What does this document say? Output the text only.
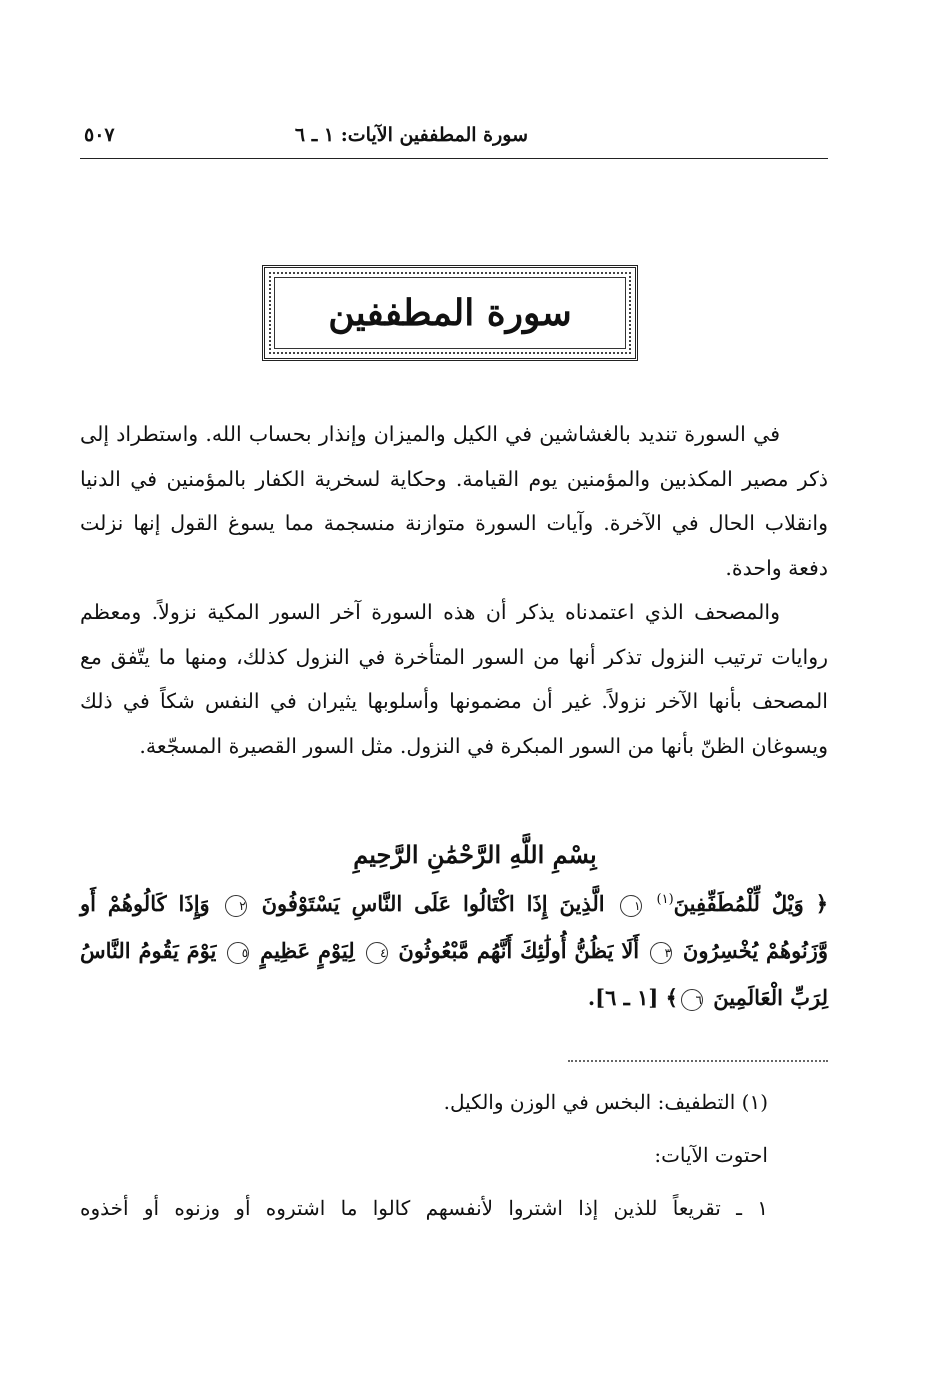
سورة المطففين الآيات: ١ ـ ٦
٥٠٧
سورة المطففين

في السورة تنديد بالغشاشين في الكيل والميزان وإنذار بحساب الله. واستطراد إلى ذكر مصير المكذبين والمؤمنين يوم القيامة. وحكاية لسخرية الكفار بالمؤمنين في الدنيا وانقلاب الحال في الآخرة. وآيات السورة متوازنة منسجمة مما يسوغ القول إنها نزلت دفعة واحدة.

والمصحف الذي اعتمدناه يذكر أن هذه السورة آخر السور المكية نزولاً. ومعظم روايات ترتيب النزول تذكر أنها من السور المتأخرة في النزول كذلك، ومنها ما يتّفق مع المصحف بأنها الآخر نزولاً. غير أن مضمونها وأسلوبها يثيران في النفس شكاً في ذلك ويسوغان الظنّ بأنها من السور المبكرة في النزول. مثل السور القصيرة المسجّعة.

بِسْمِ اللَّهِ الرَّحْمَٰنِ الرَّحِيمِ
﴿ وَيْلٌ لِّلْمُطَفِّفِينَ$^{(١)}$ ١ الَّذِينَ إِذَا اكْتَالُوا عَلَى النَّاسِ يَسْتَوْفُونَ ٢ وَإِذَا كَالُوهُمْ أَو وَّزَنُوهُمْ يُخْسِرُونَ ٣ أَلَا يَظُنُّ أُولَٰئِكَ أَنَّهُم مَّبْعُوثُونَ ٤ لِيَوْمٍ عَظِيمٍ ٥ يَوْمَ يَقُومُ النَّاسُ لِرَبِّ الْعَالَمِينَ ٦﴾ [١ ـ ٦].
(١) التطفيف: البخس في الوزن والكيل.
احتوت الآيات:
١ ـ تقريعاً للذين إذا اشتروا لأنفسهم كالوا ما اشتروه أو وزنوه أو أخذوه
